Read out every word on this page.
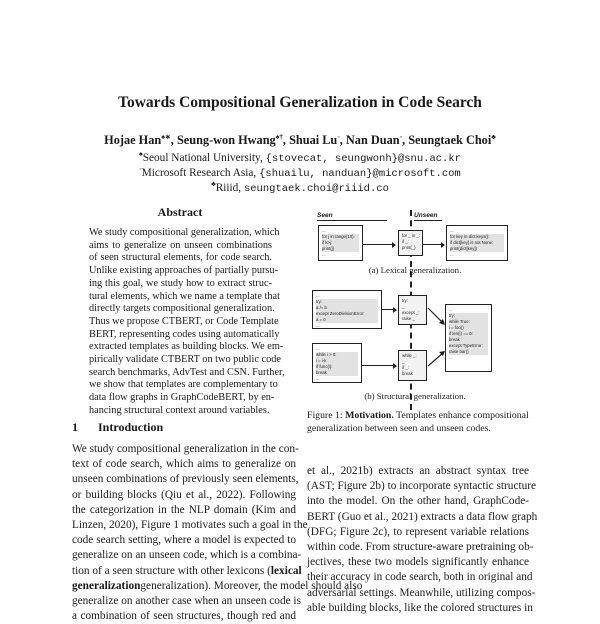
Towards Compositional Generalization in Code Search
Hojae Han♠∗, Seung-won Hwang♠†, Shuai Lu◦, Nan Duan◦, Seungtaek Choi♣
♠Seoul National University, {stovecat, seungwonh}@snu.ac.kr
◦Microsoft Research Asia, {shuailu, nanduan}@microsoft.com
♣Riiid, seungtaek.choi@riiid.co
Abstract
We study compositional generalization, which
aims to generalize on unseen combinations
of seen structural elements, for code search.
Unlike existing approaches of partially pursu-
ing this goal, we study how to extract struc-
tural elements, which we name a template that
directly targets compositional generalization.
Thus we propose CTBERT, or Code Template
BERT, representing codes using automatically
extracted templates as building blocks. We em-
pirically validate CTBERT on two public code
search benchmarks, AdvTest and CSN. Further,
we show that templates are complementary to
data flow graphs in GraphCodeBERT, by en-
hancing structural context around variables.
1 Introduction
We study compositional generalization in the con-
text of code search, which aims to generalize on
unseen combinations of previously seen elements,
or building blocks (Qiu et al., 2022). Following
the categorization in the NLP domain (Kim and
Linzen, 2020), Figure 1 motivates such a goal in the
code search setting, where a model is expected to
generalize on an unseen code, which is a combina-
tion of a seen structure with other lexicons (lexical
generalizationgeneralization). Moreover, the model should also
generalize on another case when an unseen code is
a combination of seen structures, though red and
et al., 2021b) extracts an abstract syntax tree
(AST; Figure 2b) to incorporate syntactic structure
into the model. On the other hand, GraphCode-
BERT (Guo et al., 2021) extracts a data flow graph
(DFG; Figure 2c), to represent variable relations
within code. From structure-aware pretraining ob-
jectives, these two models significantly enhance
their accuracy in code search, both in original and
adversarial settings. Meanwhile, utilizing compos-
able building blocks, like the colored structures in
Seen	Unseen
...
for j in range(10):
if k>j:
print(j)
...
for _ in _:
if _:
print(_)
...
for key in dict.keys():
if dict[key] is not None:
print(dict[key])
...
(a) Lexical generalization.
...
try:
a /= b
except ZeroDivisionError:
a = 0
...
try:
_
except _:
raise _
...
while i > 0:
i = i-k
if func(i):
break
...
while _:
_
if _:
break
...
try:
while True:
i = foo()
if len(i) == 0:
break
except TypeError:
raise bar()
...
(b) Structural generalization.
Figure 1: Motivation. Templates enhance compositional generalization between seen and unseen codes.
